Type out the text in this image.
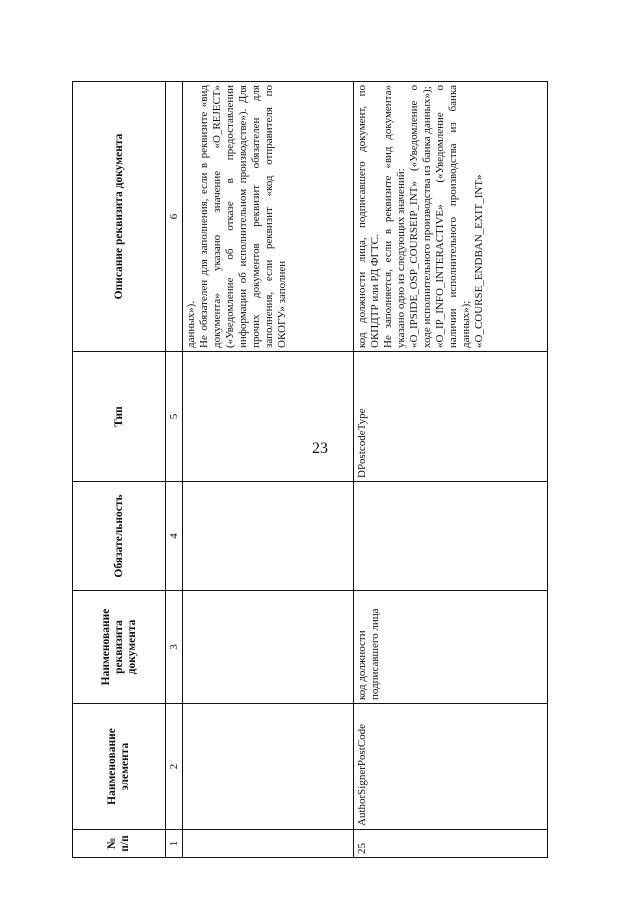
23
№ п/п	Наименование элемента	Наименование реквизита документа	Обязательность	Тип	Описание реквизита документа
1	2	3	4	5	6

					данных»). Не обязателен для заполнения, если в реквизите «вид документа» указано значение «O_REJECT» («Уведомление об отказе в предоставлении информации об исполнительном производстве»). Для прочих документов реквизит обязателен для заполнения, если реквизит «код отправителя по ОКОГУ» заполнен

25	AuthorSignerPostCode	код должности подписавшего лица		DPostcodeType	код должности лица, подписавшего документ, по ОКПДТР или РД ФГТС. Не заполняется, если в реквизите «вид документа» указано одно из следующих значений: «O_IPSIDE_OSP_COURSEIP_INT» («Уведомление о ходе исполнительного производства из банка данных»); «O_IP_INFO_INTERACTIVE» («Уведомление о наличии исполнительного производства из банка данных»); «O_COURSE_ENDBAN_EXIT_INT»
